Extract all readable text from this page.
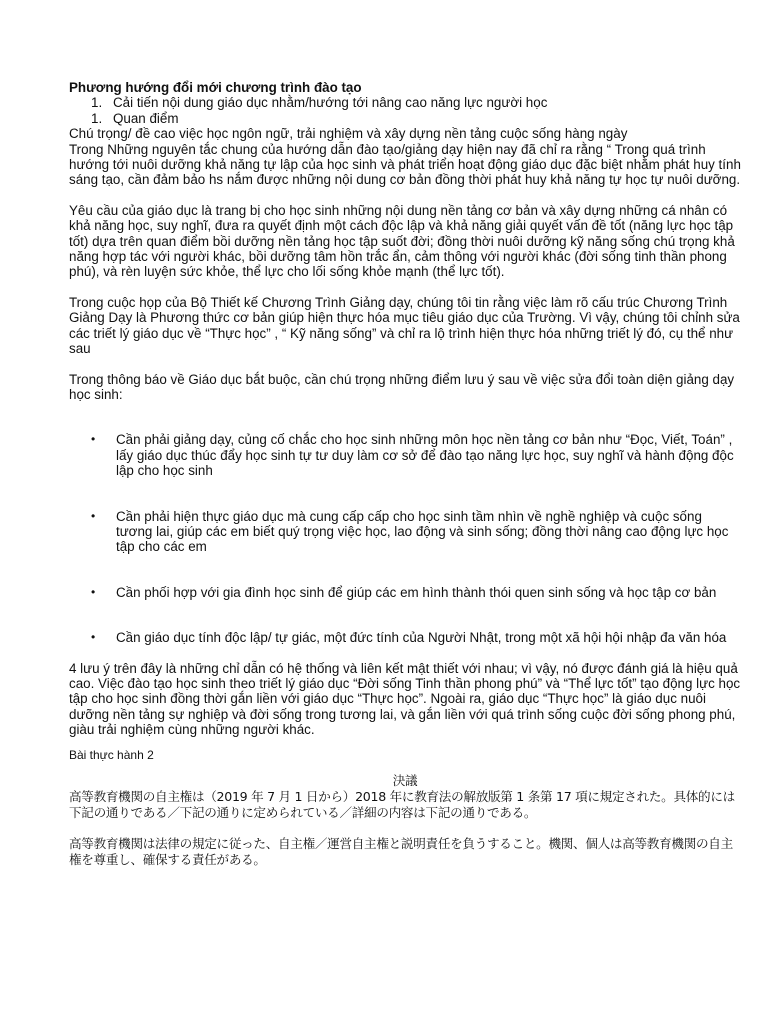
Phương hướng đổi mới chương trình đào tạo

1. Cải tiến nội dung giáo dục nhằm/hướng tới nâng cao năng lực người học
1. Quan điểm

Chú trọng/ đề cao việc học ngôn ngữ, trải nghiệm và xây dựng nền tảng cuộc sống hàng ngày

Trong Những nguyên tắc chung của hướng dẫn đào tạo/giảng dạy hiện nay đã chỉ ra rằng “ Trong quá trình hướng tới nuôi dưỡng khả năng tự lập của học sinh và phát triển hoạt động giáo dục đặc biệt nhằm phát huy tính sáng tạo, cần đảm bảo hs nắm được những nội dung cơ bản đồng thời phát huy khả năng tự học tự nuôi dưỡng.

Yêu cầu của giáo dục là trang bị cho học sinh những nội dung nền tảng cơ bản và xây dựng những cá nhân có khả năng học, suy nghĩ, đưa ra quyết định một cách độc lập và khả năng giải quyết vấn đề tốt (năng lực học tập tốt) dựa trên quan điểm bồi dưỡng nền tảng học tập suốt đời; đồng thời nuôi dưỡng kỹ năng sống chú trọng khả năng hợp tác với người khác, bồi dưỡng tâm hồn trắc ẩn, cảm thông với người khác (đời sống tinh thần phong phú), và rèn luyện sức khỏe, thể lực cho lối sống khỏe mạnh (thể lực tốt).

Trong cuộc họp của Bộ Thiết kế Chương Trình Giảng dạy, chúng tôi tin rằng việc làm rõ cấu trúc Chương Trình Giảng Dạy là Phương thức cơ bản giúp hiện thực hóa mục tiêu giáo dục của Trường. Vì vậy, chúng tôi chỉnh sửa các triết lý giáo dục về “Thực học” , “ Kỹ năng sống” và chỉ ra lộ trình hiện thực hóa những triết lý đó, cụ thể như sau

Trong thông báo về Giáo dục bắt buộc, cần chú trọng những điểm lưu ý sau về việc sửa đổi toàn diện giảng dạy học sinh:

• Cần phải giảng dạy, củng cố chắc cho học sinh những môn học nền tảng cơ bản như “Đọc, Viết, Toán” , lấy giáo dục thúc đẩy học sinh tự tư duy làm cơ sở để đào tạo năng lực học, suy nghĩ và hành động độc lập cho học sinh
• Cần phải hiện thực giáo dục mà cung cấp cấp cho học sinh tầm nhìn về nghề nghiệp và cuộc sống tương lai, giúp các em biết quý trọng việc học, lao động và sinh sống; đồng thời nâng cao động lực học tập cho các em
• Cần phối hợp với gia đình học sinh để giúp các em hình thành thói quen sinh sống và học tập cơ bản
• Cần giáo dục tính độc lập/ tự giác, một đức tính của Người Nhật, trong một xã hội hội nhập đa văn hóa

4 lưu ý trên đây là những chỉ dẫn có hệ thống và liên kết mật thiết với nhau; vì vậy, nó được đánh giá là hiệu quả cao. Việc đào tạo học sinh theo triết lý giáo dục “Đời sống Tinh thần phong phú” và “Thể lực tốt” tạo động lực học tập cho học sinh đồng thời gắn liền với giáo dục “Thực học”. Ngoài ra, giáo dục “Thực học” là giáo dục nuôi dưỡng nền tảng sự nghiệp và đời sống trong tương lai, và gắn liền với quá trình sống cuộc đời sống phong phú, giàu trải nghiệm cùng những người khác.

Bài thực hành 2

決議

高等教育機関の自主権は（2019 年 7 月 1 日から）2018 年に教育法の解放版第 1 条第 17 項に規定された。具体的には下記の通りである／下記の通りに定められている／詳細の内容は下記の通りである。

高等教育機関は法律の規定に従った、自主権／運営自主権と説明責任を負うすること。機関、個人は高等教育機関の自主権を尊重し、確保する責任がある。
